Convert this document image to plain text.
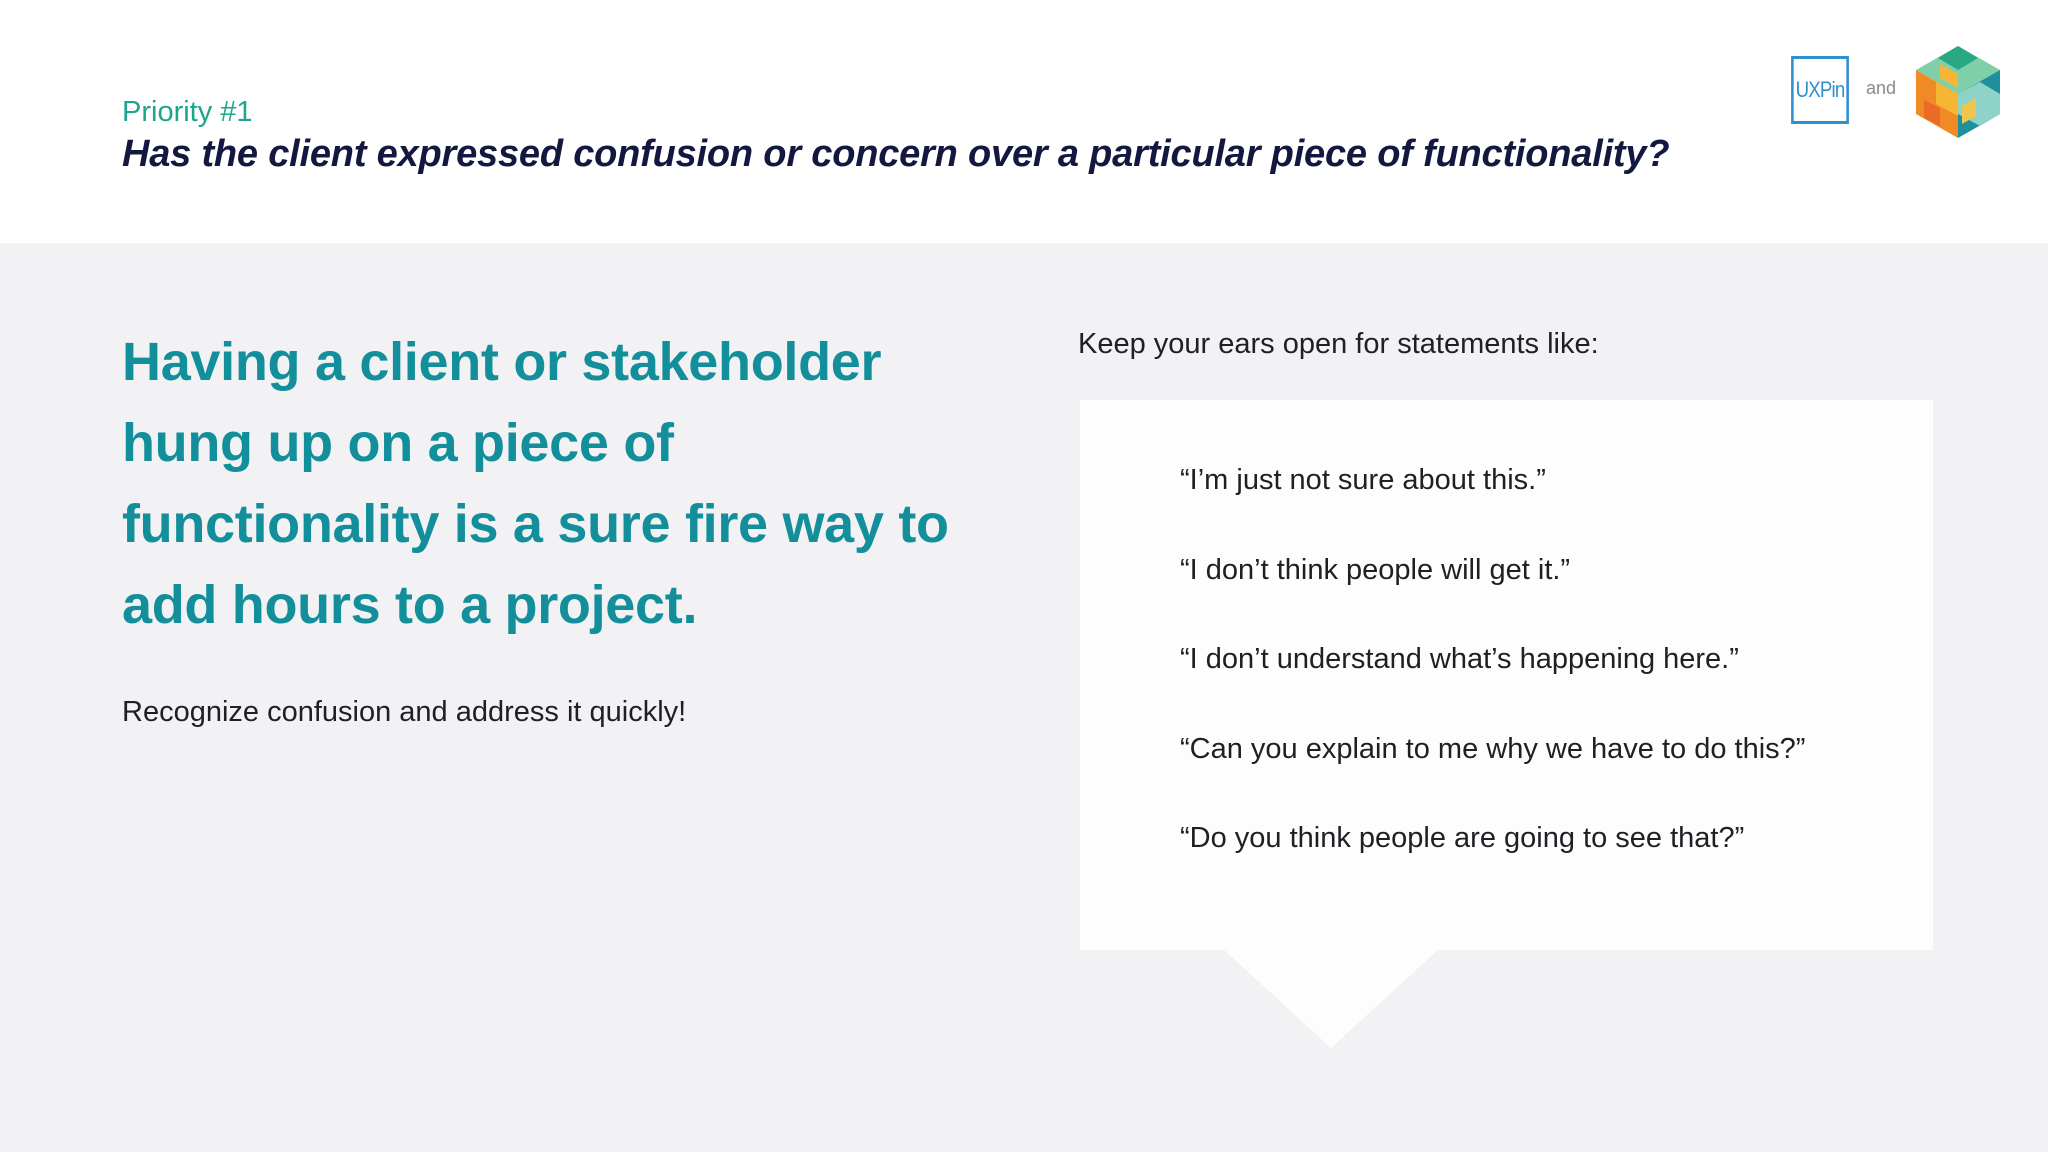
Priority #1
Has the client expressed confusion or concern over a particular piece of functionality?
UXPin and
Having a client or stakeholder hung up on a piece of functionality is a sure fire way to add hours to a project.
Recognize confusion and address it quickly!
Keep your ears open for statements like:
“I’m just not sure about this.”
“I don’t think people will get it.”
“I don’t understand what’s happening here.”
“Can you explain to me why we have to do this?”
“Do you think people are going to see that?”
